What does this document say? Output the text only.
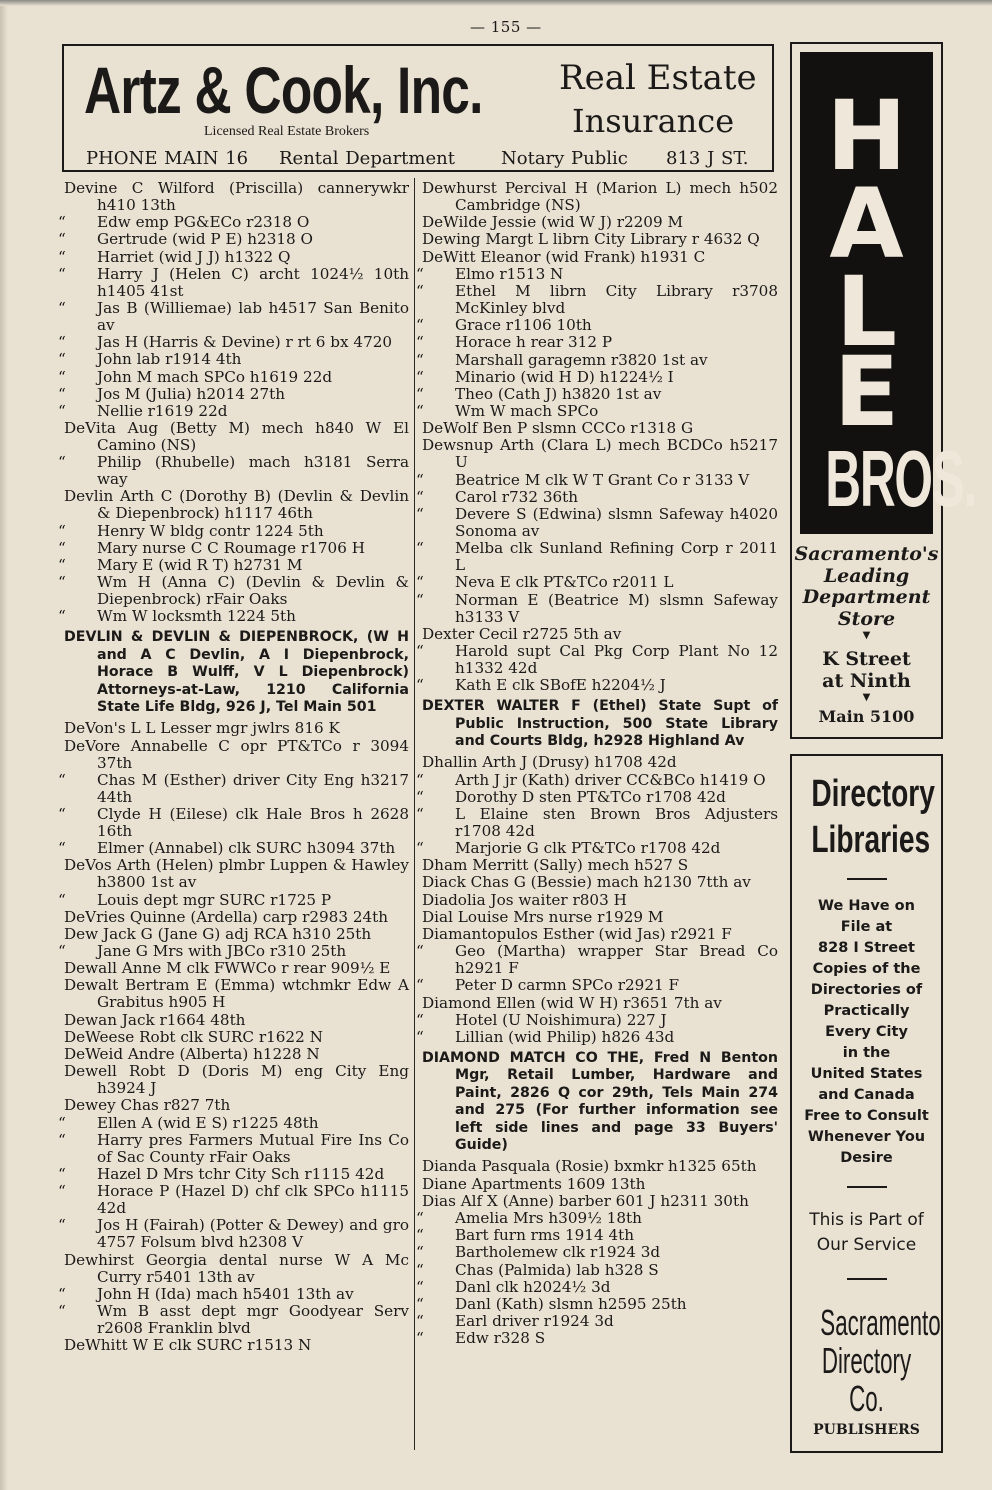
— 155 —
Artz & Cook, Inc.
Licensed Real Estate Brokers
Real Estate
Insurance
PHONE MAIN 16 Rental Department	Notary Public 813 J ST.
Devine C Wilford (Priscilla) cannerywkr h410 13th
“ Edw emp PG&ECo r2318 O
“ Gertrude (wid P E) h2318 O
“ Harriet (wid J J) h1322 Q
“ Harry J (Helen C) archt 1024½ 10th h1405 41st
“ Jas B (Williemae) lab h4517 San Benito av
“ Jas H (Harris & Devine) r rt 6 bx 4720
“ John lab r1914 4th
“ John M mach SPCo h1619 22d
“ Jos M (Julia) h2014 27th
“ Nellie r1619 22d
DeVita Aug (Betty M) mech h840 W El Camino (NS)
“ Philip (Rhubelle) mach h3181 Serra way
Devlin Arth C (Dorothy B) (Devlin & Devlin & Diepenbrock) h1117 46th
“ Henry W bldg contr 1224 5th
“ Mary nurse C C Roumage r1706 H
“ Mary E (wid R T) h2731 M
“ Wm H (Anna C) (Devlin & Devlin & Diepenbrock) rFair Oaks
“ Wm W locksmth 1224 5th
DEVLIN & DEVLIN & DIEPENBROCK, (W H and A C Devlin, A I Diepenbrock, Horace B Wulff, V L Diepenbrock) Attorneys-at-Law, 1210 California State Life Bldg, 926 J, Tel Main 501
DeVon's L L Lesser mgr jwlrs 816 K
DeVore Annabelle C opr PT&TCo r 3094 37th
“ Chas M (Esther) driver City Eng h3217 44th
“ Clyde H (Eilese) clk Hale Bros h 2628 16th
“ Elmer (Annabel) clk SURC h3094 37th
DeVos Arth (Helen) plmbr Luppen & Hawley h3800 1st av
“ Louis dept mgr SURC r1725 P
DeVries Quinne (Ardella) carp r2983 24th
Dew Jack G (Jane G) adj RCA h310 25th
“ Jane G Mrs with JBCo r310 25th
Dewall Anne M clk FWWCo r rear 909½ E
Dewalt Bertram E (Emma) wtchmkr Edw A Grabitus h905 H
Dewan Jack r1664 48th
DeWeese Robt clk SURC r1622 N
DeWeid Andre (Alberta) h1228 N
Dewell Robt D (Doris M) eng City Eng h3924 J
Dewey Chas r827 7th
“ Ellen A (wid E S) r1225 48th
“ Harry pres Farmers Mutual Fire Ins Co of Sac County rFair Oaks
“ Hazel D Mrs tchr City Sch r1115 42d
“ Horace P (Hazel D) chf clk SPCo h1115 42d
“ Jos H (Fairah) (Potter & Dewey) and gro 4757 Folsum blvd h2308 V
Dewhirst Georgia dental nurse W A Mc Curry r5401 13th av
“ John H (Ida) mach h5401 13th av
“ Wm B asst dept mgr Goodyear Serv r2608 Franklin blvd
DeWhitt W E clk SURC r1513 N
Dewhurst Percival H (Marion L) mech h502 Cambridge (NS)
DeWilde Jessie (wid W J) r2209 M
Dewing Margt L librn City Library r 4632 Q
DeWitt Eleanor (wid Frank) h1931 C
“ Elmo r1513 N
“ Ethel M librn City Library r3708 McKinley blvd
“ Grace r1106 10th
“ Horace h rear 312 P
“ Marshall garagemn r3820 1st av
“ Minario (wid H D) h1224½ I
“ Theo (Cath J) h3820 1st av
“ Wm W mach SPCo
DeWolf Ben P slsmn CCCo r1318 G
Dewsnup Arth (Clara L) mech BCDCo h5217 U
“ Beatrice M clk W T Grant Co r 3133 V
“ Carol r732 36th
“ Devere S (Edwina) slsmn Safeway h4020 Sonoma av
“ Melba clk Sunland Refining Corp r 2011 L
“ Neva E clk PT&TCo r2011 L
“ Norman E (Beatrice M) slsmn Safeway h3133 V
Dexter Cecil r2725 5th av
“ Harold supt Cal Pkg Corp Plant No 12 h1332 42d
“ Kath E clk SBofE h2204½ J
DEXTER WALTER F (Ethel) State Supt of Public Instruction, 500 State Library and Courts Bldg, h2928 Highland Av
Dhallin Arth J (Drusy) h1708 42d
“ Arth J jr (Kath) driver CC&BCo h1419 O
“ Dorothy D sten PT&TCo r1708 42d
“ L Elaine sten Brown Bros Adjusters r1708 42d
“ Marjorie G clk PT&TCo r1708 42d
Dham Merritt (Sally) mech h527 S
Diack Chas G (Bessie) mach h2130 7tth av
Diadolia Jos waiter r803 H
Dial Louise Mrs nurse r1929 M
Diamantopulos Esther (wid Jas) r2921 F
“ Geo (Martha) wrapper Star Bread Co h2921 F
“ Peter D carmn SPCo r2921 F
Diamond Ellen (wid W H) r3651 7th av
“ Hotel (U Noishimura) 227 J
“ Lillian (wid Philip) h826 43d
DIAMOND MATCH CO THE, Fred N Benton Mgr, Retail Lumber, Hardware and Paint, 2826 Q cor 29th, Tels Main 274 and 275 (For further information see left side lines and page 33 Buyers' Guide)
Dianda Pasquala (Rosie) bxmkr h1325 65th
Diane Apartments 1609 13th
Dias Alf X (Anne) barber 601 J h2311 30th
“ Amelia Mrs h309½ 18th
“ Bart furn rms 1914 4th
“ Bartholemew clk r1924 3d
“ Chas (Palmida) lab h328 S
“ Danl clk h2024½ 3d
“ Danl (Kath) slsmn h2595 25th
“ Earl driver r1924 3d
“ Edw r328 S
H
A
L
E
BROS.
Sacramento's
Leading
Department
Store
▼
K Street
at Ninth
▼
Main 5100
Directory
Libraries
We Have on
File at
828 I Street
Copies of the
Directories of
Practically
Every City
in the
United States
and Canada
Free to Consult
Whenever You
Desire
This is Part of
Our Service
Sacramento
Directory
Co.
PUBLISHERS
